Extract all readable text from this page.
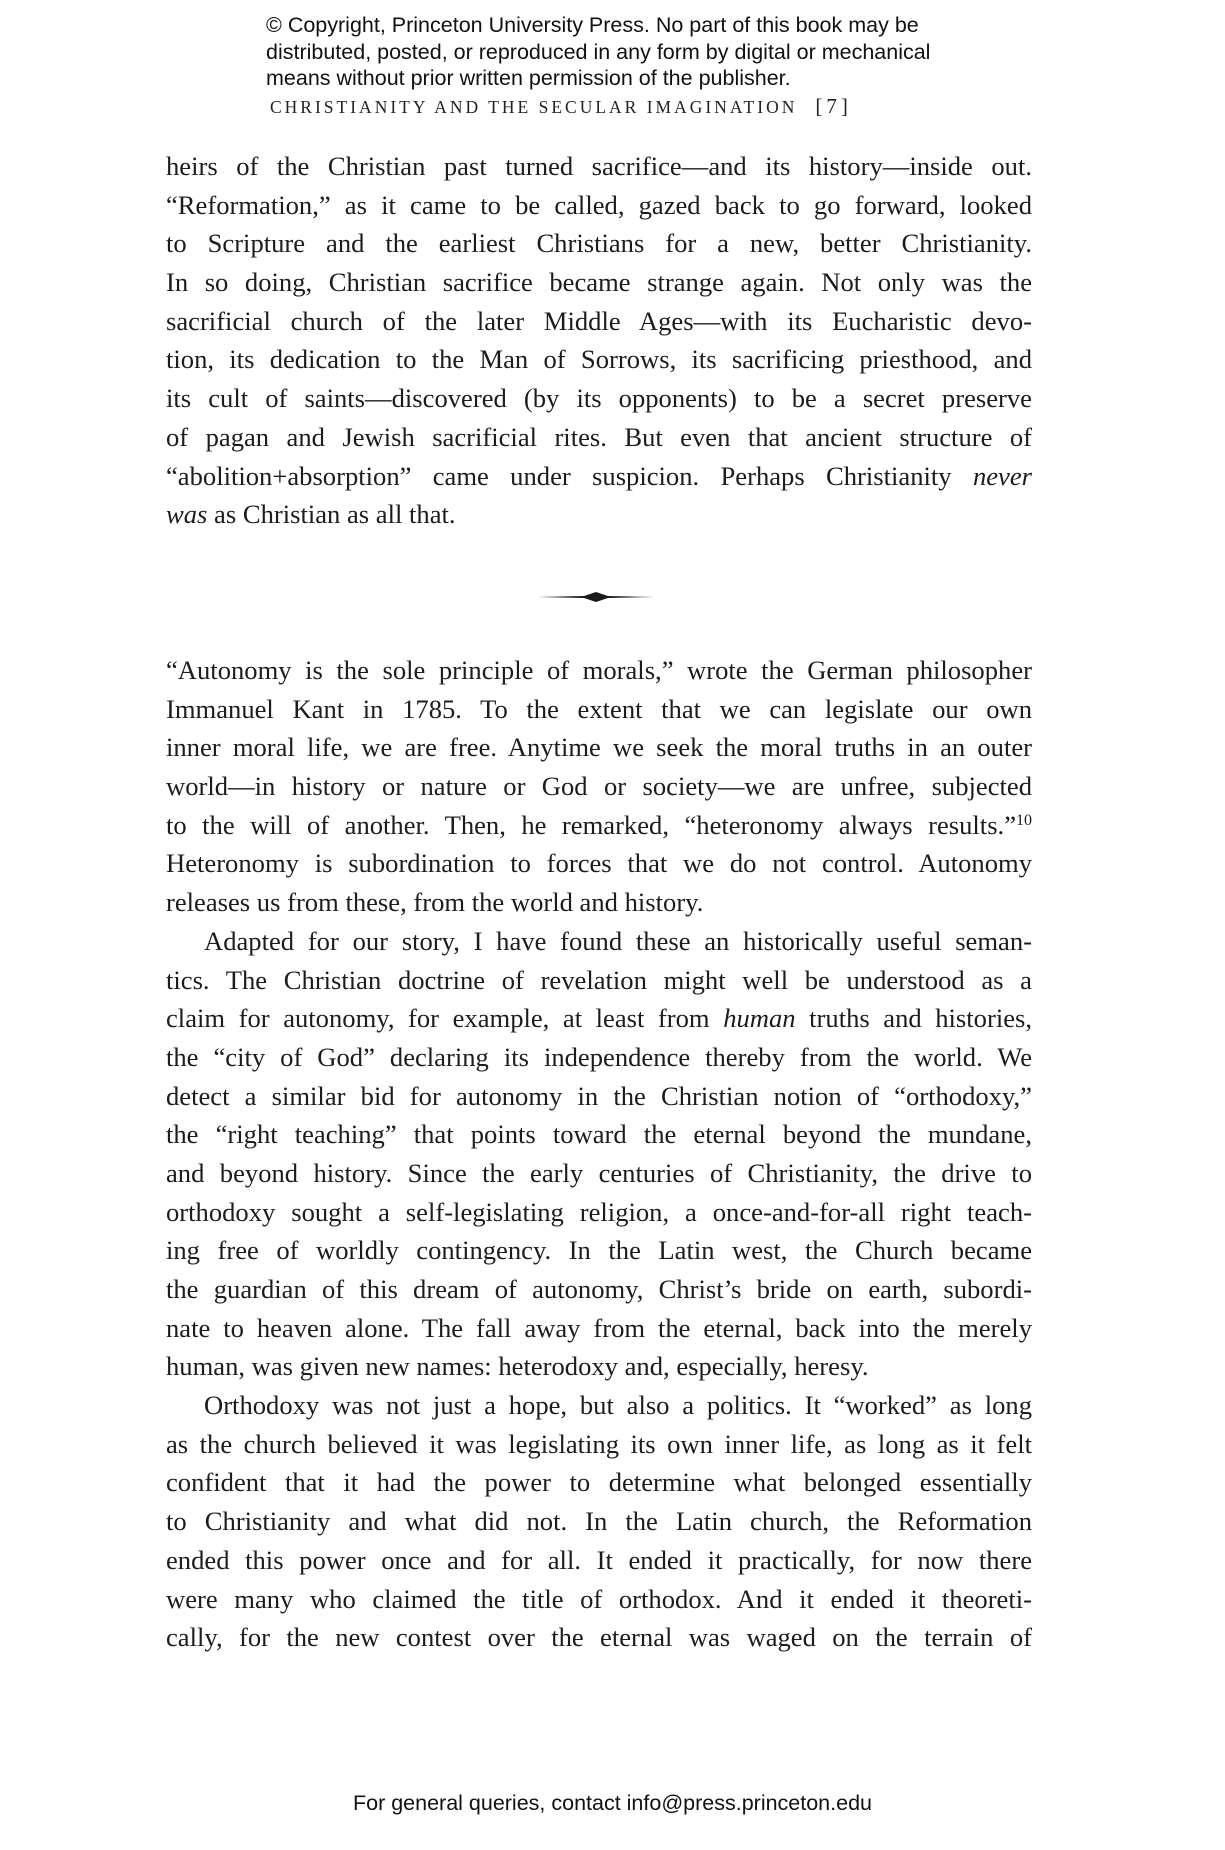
© Copyright, Princeton University Press. No part of this book may be
distributed, posted, or reproduced in any form by digital or mechanical
means without prior written permission of the publisher.
CHRISTIANITY AND THE SECULAR IMAGINATION [7]
heirs of the Christian past turned sacrifice—and its history—inside out.
“Reformation,” as it came to be called, gazed back to go forward, looked
to Scripture and the earliest Christians for a new, better Christianity.
In so doing, Christian sacrifice became strange again. Not only was the
sacrificial church of the later Middle Ages—with its Eucharistic devo-
tion, its dedication to the Man of Sorrows, its sacrificing priesthood, and
its cult of saints—discovered (by its opponents) to be a secret preserve
of pagan and Jewish sacrificial rites. But even that ancient structure of
“abolition+absorption” came under suspicion. Perhaps Christianity never
was as Christian as all that.
“Autonomy is the sole principle of morals,” wrote the German philosopher
Immanuel Kant in 1785. To the extent that we can legislate our own
inner moral life, we are free. Anytime we seek the moral truths in an outer
world—in history or nature or God or society—we are unfree, subjected
to the will of another. Then, he remarked, “heteronomy always results.”$^{10}$
Heteronomy is subordination to forces that we do not control. Autonomy
releases us from these, from the world and history.
Adapted for our story, I have found these an historically useful seman-
tics. The Christian doctrine of revelation might well be understood as a
claim for autonomy, for example, at least from human truths and histories,
the “city of God” declaring its independence thereby from the world. We
detect a similar bid for autonomy in the Christian notion of “orthodoxy,”
the “right teaching” that points toward the eternal beyond the mundane,
and beyond history. Since the early centuries of Christianity, the drive to
orthodoxy sought a self-legislating religion, a once-and-for-all right teach-
ing free of worldly contingency. In the Latin west, the Church became
the guardian of this dream of autonomy, Christ’s bride on earth, subordi-
nate to heaven alone. The fall away from the eternal, back into the merely
human, was given new names: heterodoxy and, especially, heresy.
Orthodoxy was not just a hope, but also a politics. It “worked” as long
as the church believed it was legislating its own inner life, as long as it felt
confident that it had the power to determine what belonged essentially
to Christianity and what did not. In the Latin church, the Reformation
ended this power once and for all. It ended it practically, for now there
were many who claimed the title of orthodox. And it ended it theoreti-
cally, for the new contest over the eternal was waged on the terrain of
For general queries, contact info@press.princeton.edu
